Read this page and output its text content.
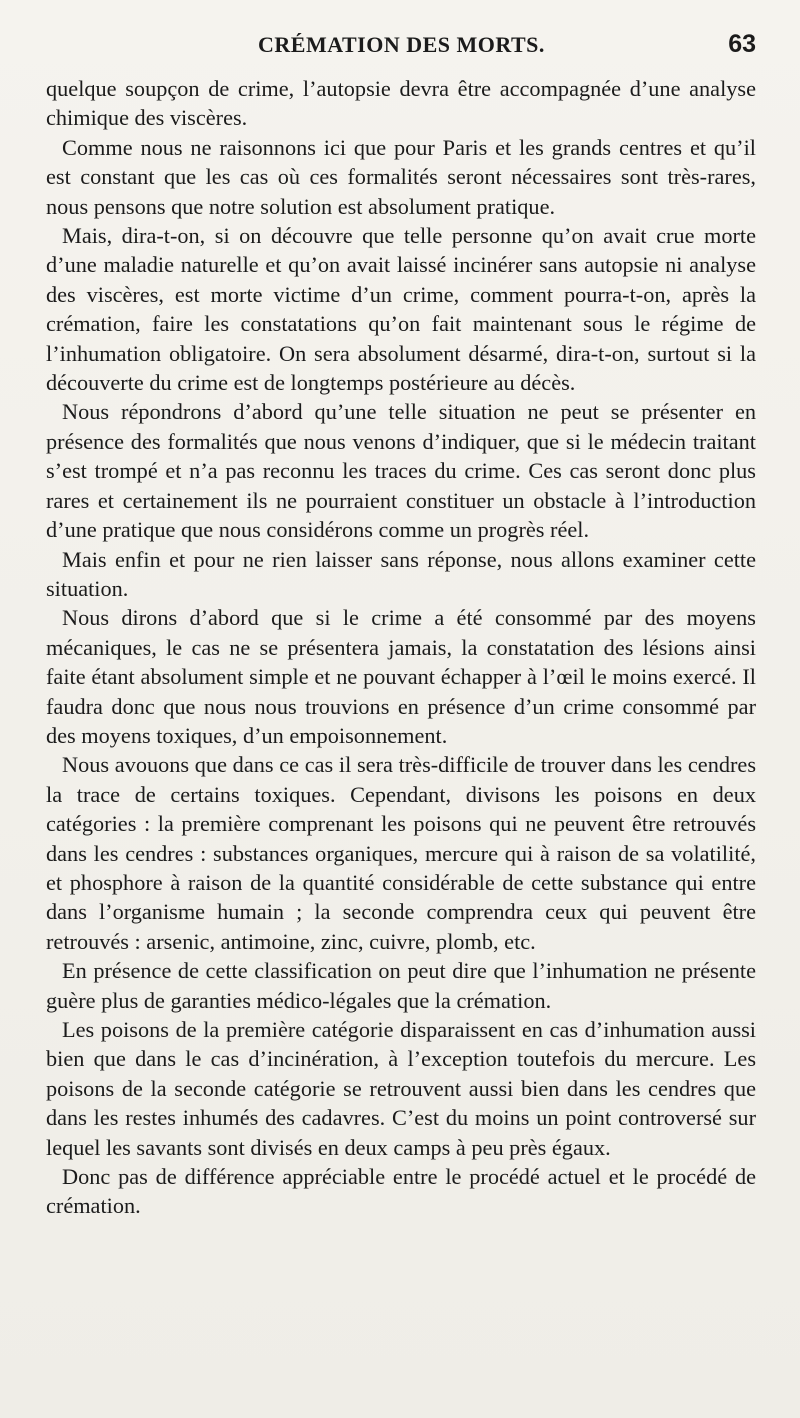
CRÉMATION DES MORTS.	63

quelque soupçon de crime, l’autopsie devra être accompagnée d’une analyse chimique des viscères.

Comme nous ne raisonnons ici que pour Paris et les grands centres et qu’il est constant que les cas où ces formalités seront nécessaires sont très-rares, nous pensons que notre solution est absolument pratique.

Mais, dira-t-on, si on découvre que telle personne qu’on avait crue morte d’une maladie naturelle et qu’on avait laissé incinérer sans autopsie ni analyse des viscères, est morte victime d’un crime, comment pourra-t-on, après la crémation, faire les constatations qu’on fait maintenant sous le régime de l’inhumation obligatoire. On sera absolument désarmé, dira-t-on, surtout si la découverte du crime est de longtemps postérieure au décès.

Nous répondrons d’abord qu’une telle situation ne peut se présenter en présence des formalités que nous venons d’indiquer, que si le médecin traitant s’est trompé et n’a pas reconnu les traces du crime. Ces cas seront donc plus rares et certainement ils ne pourraient constituer un obstacle à l’introduction d’une pratique que nous considérons comme un progrès réel.

Mais enfin et pour ne rien laisser sans réponse, nous allons examiner cette situation.

Nous dirons d’abord que si le crime a été consommé par des moyens mécaniques, le cas ne se présentera jamais, la constatation des lésions ainsi faite étant absolument simple et ne pouvant échapper à l’œil le moins exercé. Il faudra donc que nous nous trouvions en présence d’un crime consommé par des moyens toxiques, d’un empoisonnement.

Nous avouons que dans ce cas il sera très-difficile de trouver dans les cendres la trace de certains toxiques. Cependant, divisons les poisons en deux catégories : la première comprenant les poisons qui ne peuvent être retrouvés dans les cendres : substances organiques, mercure qui à raison de sa volatilité, et phosphore à raison de la quantité considérable de cette substance qui entre dans l’organisme humain ; la seconde comprendra ceux qui peuvent être retrouvés : arsenic, antimoine, zinc, cuivre, plomb, etc.

En présence de cette classification on peut dire que l’inhumation ne présente guère plus de garanties médico-légales que la crémation.

Les poisons de la première catégorie disparaissent en cas d’inhumation aussi bien que dans le cas d’incinération, à l’exception toutefois du mercure. Les poisons de la seconde catégorie se retrouvent aussi bien dans les cendres que dans les restes inhumés des cadavres. C’est du moins un point controversé sur lequel les savants sont divisés en deux camps à peu près égaux.

Donc pas de différence appréciable entre le procédé actuel et le procédé de crémation.
